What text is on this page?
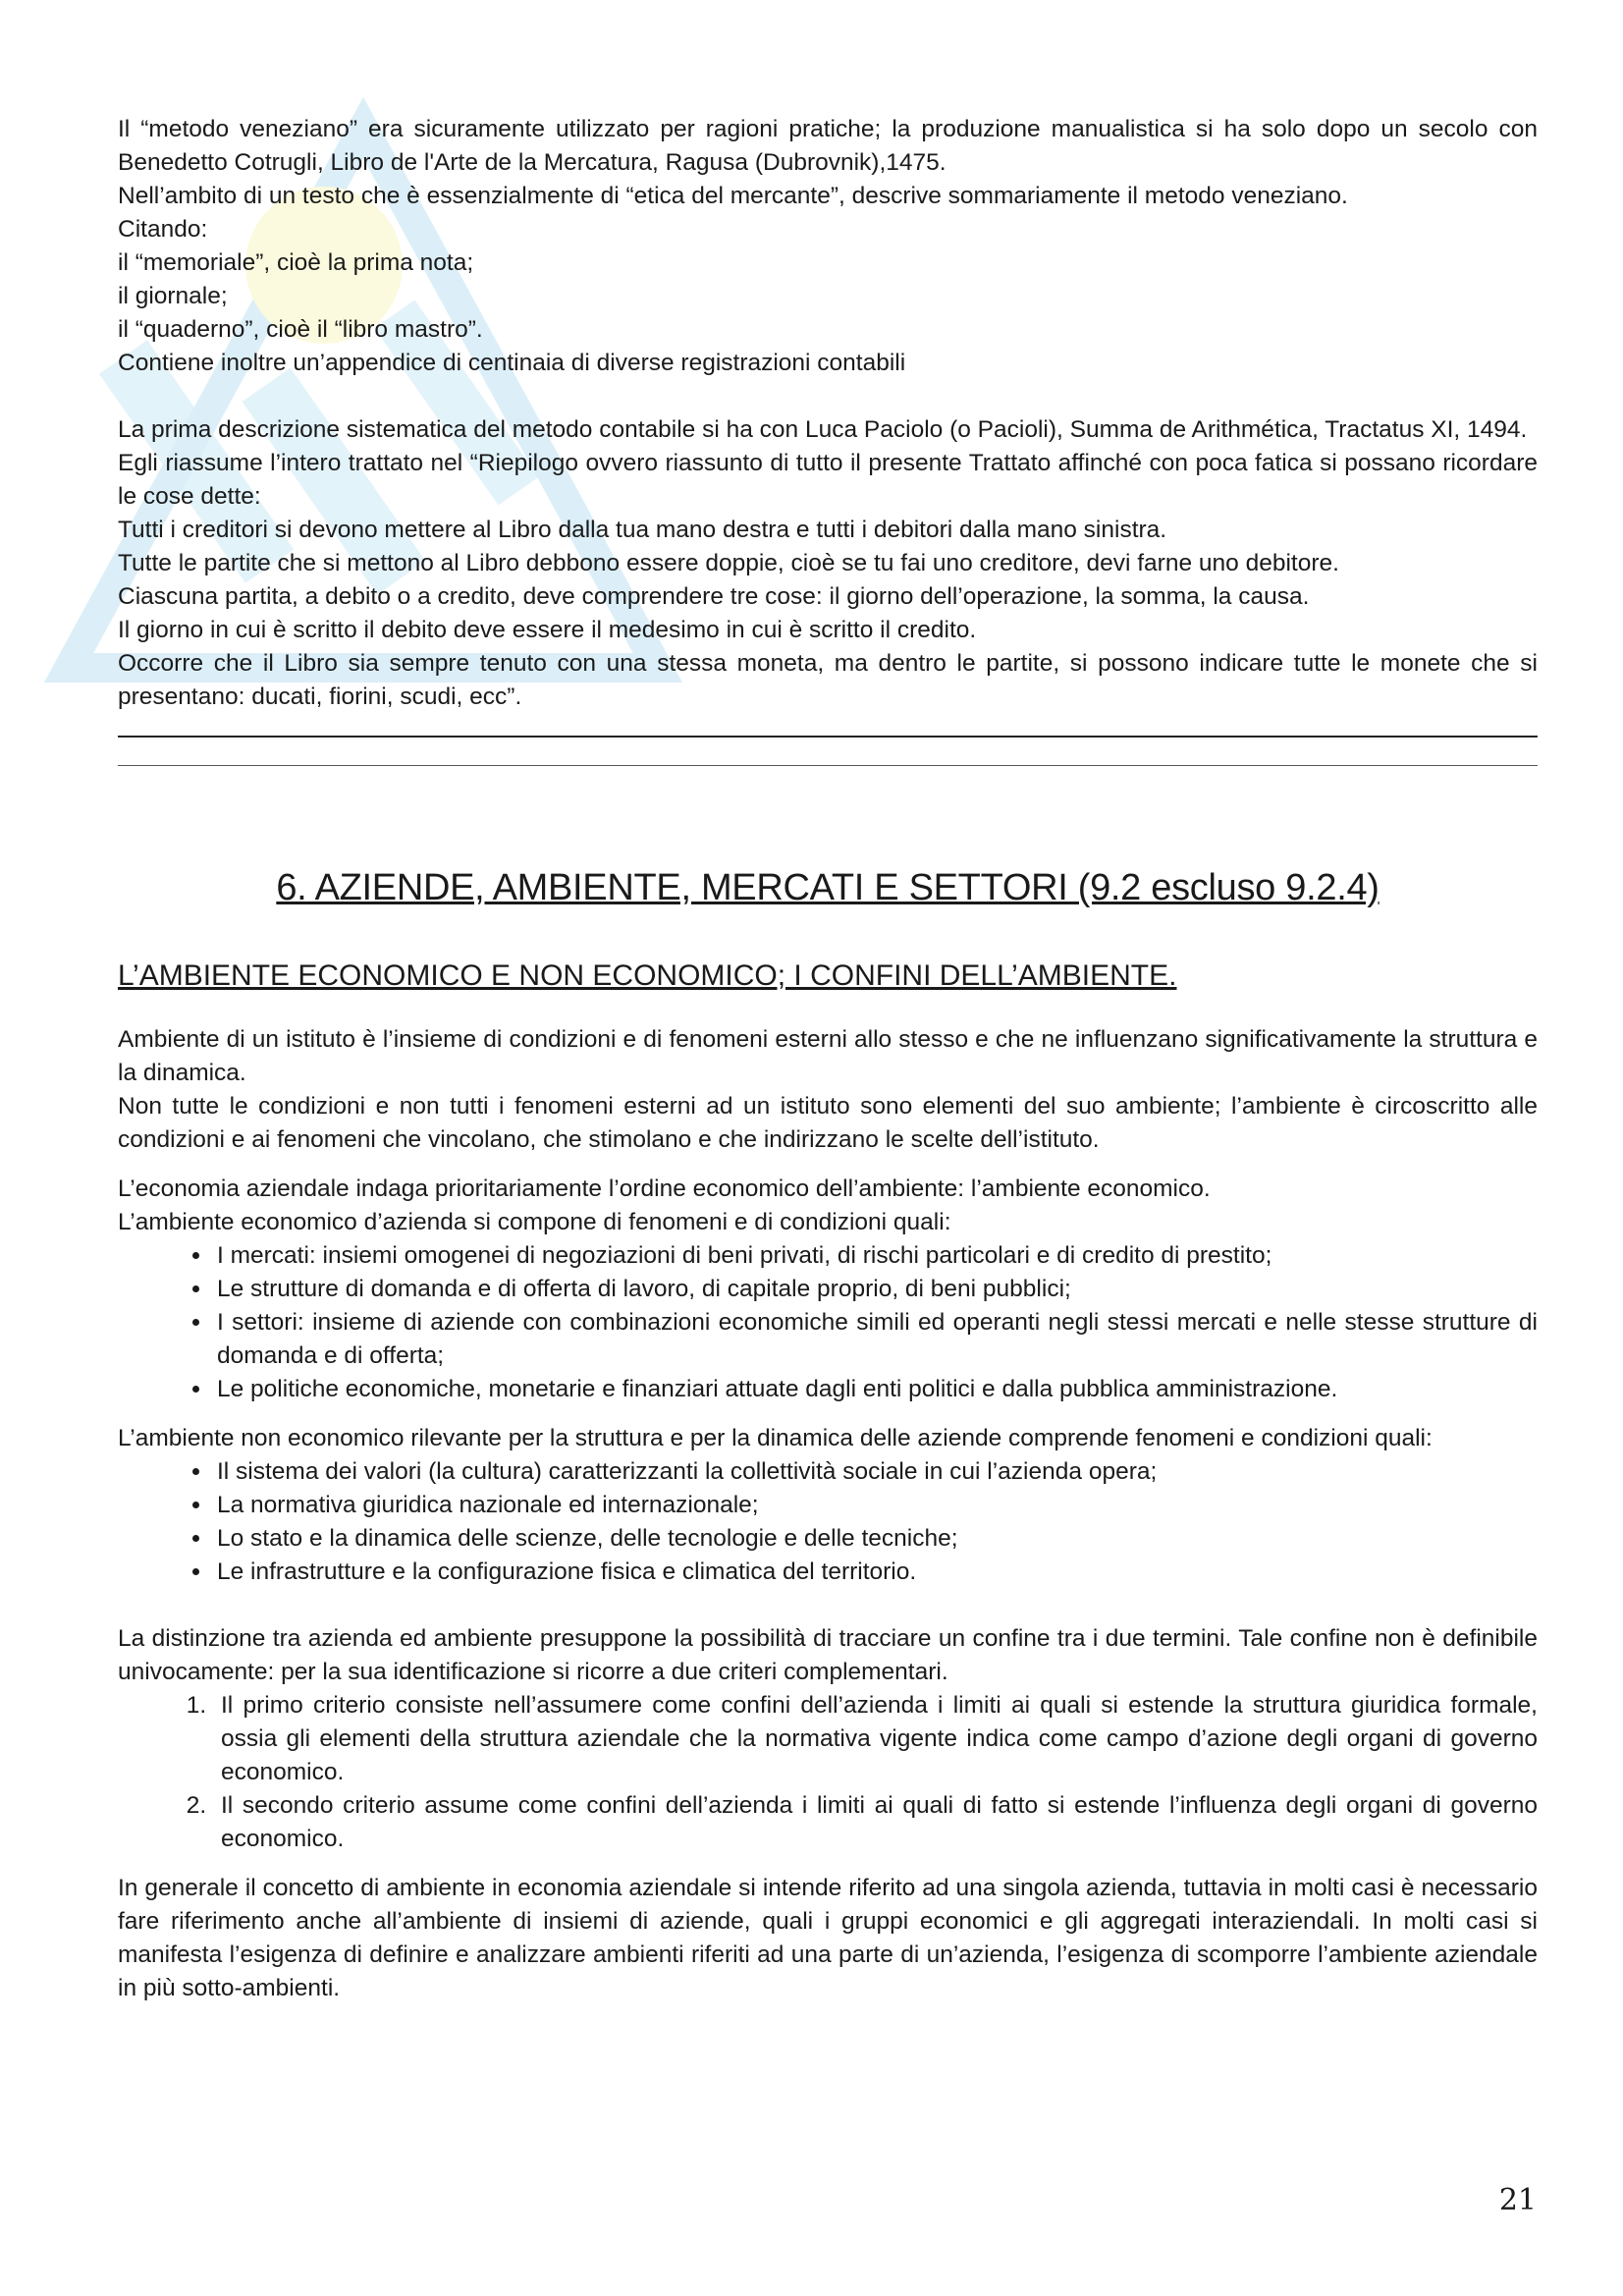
Il “metodo veneziano” era sicuramente utilizzato per ragioni pratiche; la produzione manualistica si ha solo dopo un secolo con Benedetto Cotrugli, Libro de l'Arte de la Mercatura, Ragusa (Dubrovnik),1475.

Nell’ambito di un testo che è essenzialmente di “etica del mercante”, descrive sommariamente il metodo veneziano.

Citando:

il “memoriale”, cioè la prima nota;

il giornale;

il “quaderno”, cioè il “libro mastro”.

Contiene inoltre un’appendice di centinaia di diverse registrazioni contabili

La prima descrizione sistematica del metodo contabile si ha con Luca Paciolo (o Pacioli), Summa de Arithmética, Tractatus XI, 1494.

Egli riassume l’intero trattato nel “Riepilogo ovvero riassunto di tutto il presente Trattato affinché con poca fatica si possano ricordare le cose dette:

Tutti i creditori si devono mettere al Libro dalla tua mano destra e tutti i debitori dalla mano sinistra.

Tutte le partite che si mettono al Libro debbono essere doppie, cioè se tu fai uno creditore, devi farne uno debitore.

Ciascuna partita, a debito o a credito, deve comprendere tre cose: il giorno dell’operazione, la somma, la causa.

Il giorno in cui è scritto il debito deve essere il medesimo in cui è scritto il credito.

Occorre che il Libro sia sempre tenuto con una stessa moneta, ma dentro le partite, si possono indicare tutte le monete che si presentano: ducati, fiorini, scudi, ecc”.

6. AZIENDE, AMBIENTE, MERCATI E SETTORI (9.2 escluso 9.2.4)
L’AMBIENTE ECONOMICO E NON ECONOMICO; I CONFINI DELL’AMBIENTE.

Ambiente di un istituto è l’insieme di condizioni e di fenomeni esterni allo stesso e che ne influenzano significativamente la struttura e la dinamica.

Non tutte le condizioni e non tutti i fenomeni esterni ad un istituto sono elementi del suo ambiente; l’ambiente è circoscritto alle condizioni e ai fenomeni che vincolano, che stimolano e che indirizzano le scelte dell’istituto.

L’economia aziendale indaga prioritariamente l’ordine economico dell’ambiente: l’ambiente economico.

L’ambiente economico d’azienda si compone di fenomeni e di condizioni quali:

• I mercati: insiemi omogenei di negoziazioni di beni privati, di rischi particolari e di credito di prestito;
• Le strutture di domanda e di offerta di lavoro, di capitale proprio, di beni pubblici;
• I settori: insieme di aziende con combinazioni economiche simili ed operanti negli stessi mercati e nelle stesse strutture di domanda e di offerta;
• Le politiche economiche, monetarie e finanziari attuate dagli enti politici e dalla pubblica amministrazione.

L’ambiente non economico rilevante per la struttura e per la dinamica delle aziende comprende fenomeni e condizioni quali:

• Il sistema dei valori (la cultura) caratterizzanti la collettività sociale in cui l’azienda opera;
• La normativa giuridica nazionale ed internazionale;
• Lo stato e la dinamica delle scienze, delle tecnologie e delle tecniche;
• Le infrastrutture e la configurazione fisica e climatica del territorio.

La distinzione tra azienda ed ambiente presuppone la possibilità di tracciare un confine tra i due termini. Tale confine non è definibile univocamente: per la sua identificazione si ricorre a due criteri complementari.

1. Il primo criterio consiste nell’assumere come confini dell’azienda i limiti ai quali si estende la struttura giuridica formale, ossia gli elementi della struttura aziendale che la normativa vigente indica come campo d’azione degli organi di governo economico.
2. Il secondo criterio assume come confini dell’azienda i limiti ai quali di fatto si estende l’influenza degli organi di governo economico.

In generale il concetto di ambiente in economia aziendale si intende riferito ad una singola azienda, tuttavia in molti casi è necessario fare riferimento anche all’ambiente di insiemi di aziende, quali i gruppi economici e gli aggregati interaziendali. In molti casi si manifesta l’esigenza di definire e analizzare ambienti riferiti ad una parte di un’azienda, l’esigenza di scomporre l’ambiente aziendale in più sotto-ambienti.

21
